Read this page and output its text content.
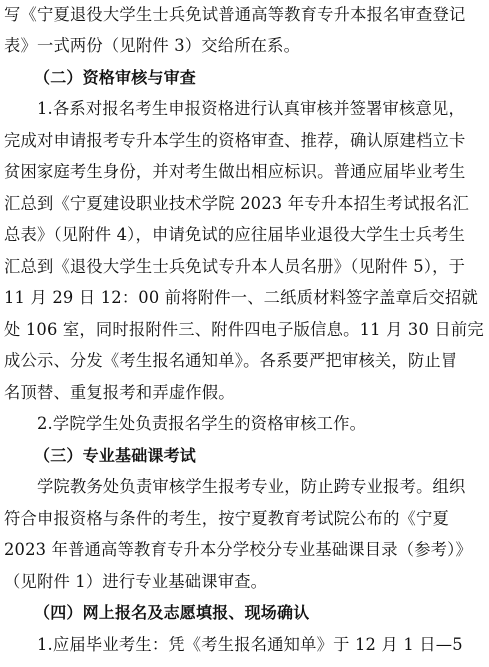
写《宁夏退役大学生士兵免试普通高等教育专升本报名审查登记
表》一式两份（见附件 3）交给所在系。
（二）资格审核与审查
1.各系对报名考生申报资格进行认真审核并签署审核意见，
完成对申请报考专升本学生的资格审查、推荐，确认原建档立卡
贫困家庭考生身份，并对考生做出相应标识。普通应届毕业考生
汇总到《宁夏建设职业技术学院 2023 年专升本招生考试报名汇
总表》（见附件 4），申请免试的应往届毕业退役大学生士兵考生
汇总到《退役大学生士兵免试专升本人员名册》（见附件 5），于
11 月 29 日 12：00 前将附件一、二纸质材料签字盖章后交招就
处 106 室，同时报附件三、附件四电子版信息。11 月 30 日前完
成公示、分发《考生报名通知单》。各系要严把审核关，防止冒
名顶替、重复报考和弄虚作假。
2.学院学生处负责报名学生的资格审核工作。
（三）专业基础课考试
学院教务处负责审核学生报考专业，防止跨专业报考。组织
符合申报资格与条件的考生，按宁夏教育考试院公布的《宁夏
2023 年普通高等教育专升本分学校分专业基础课目录（参考）》
（见附件 1）进行专业基础课审查。
（四）网上报名及志愿填报、现场确认
1.应届毕业考生：凭《考生报名通知单》于 12 月 1 日—5
